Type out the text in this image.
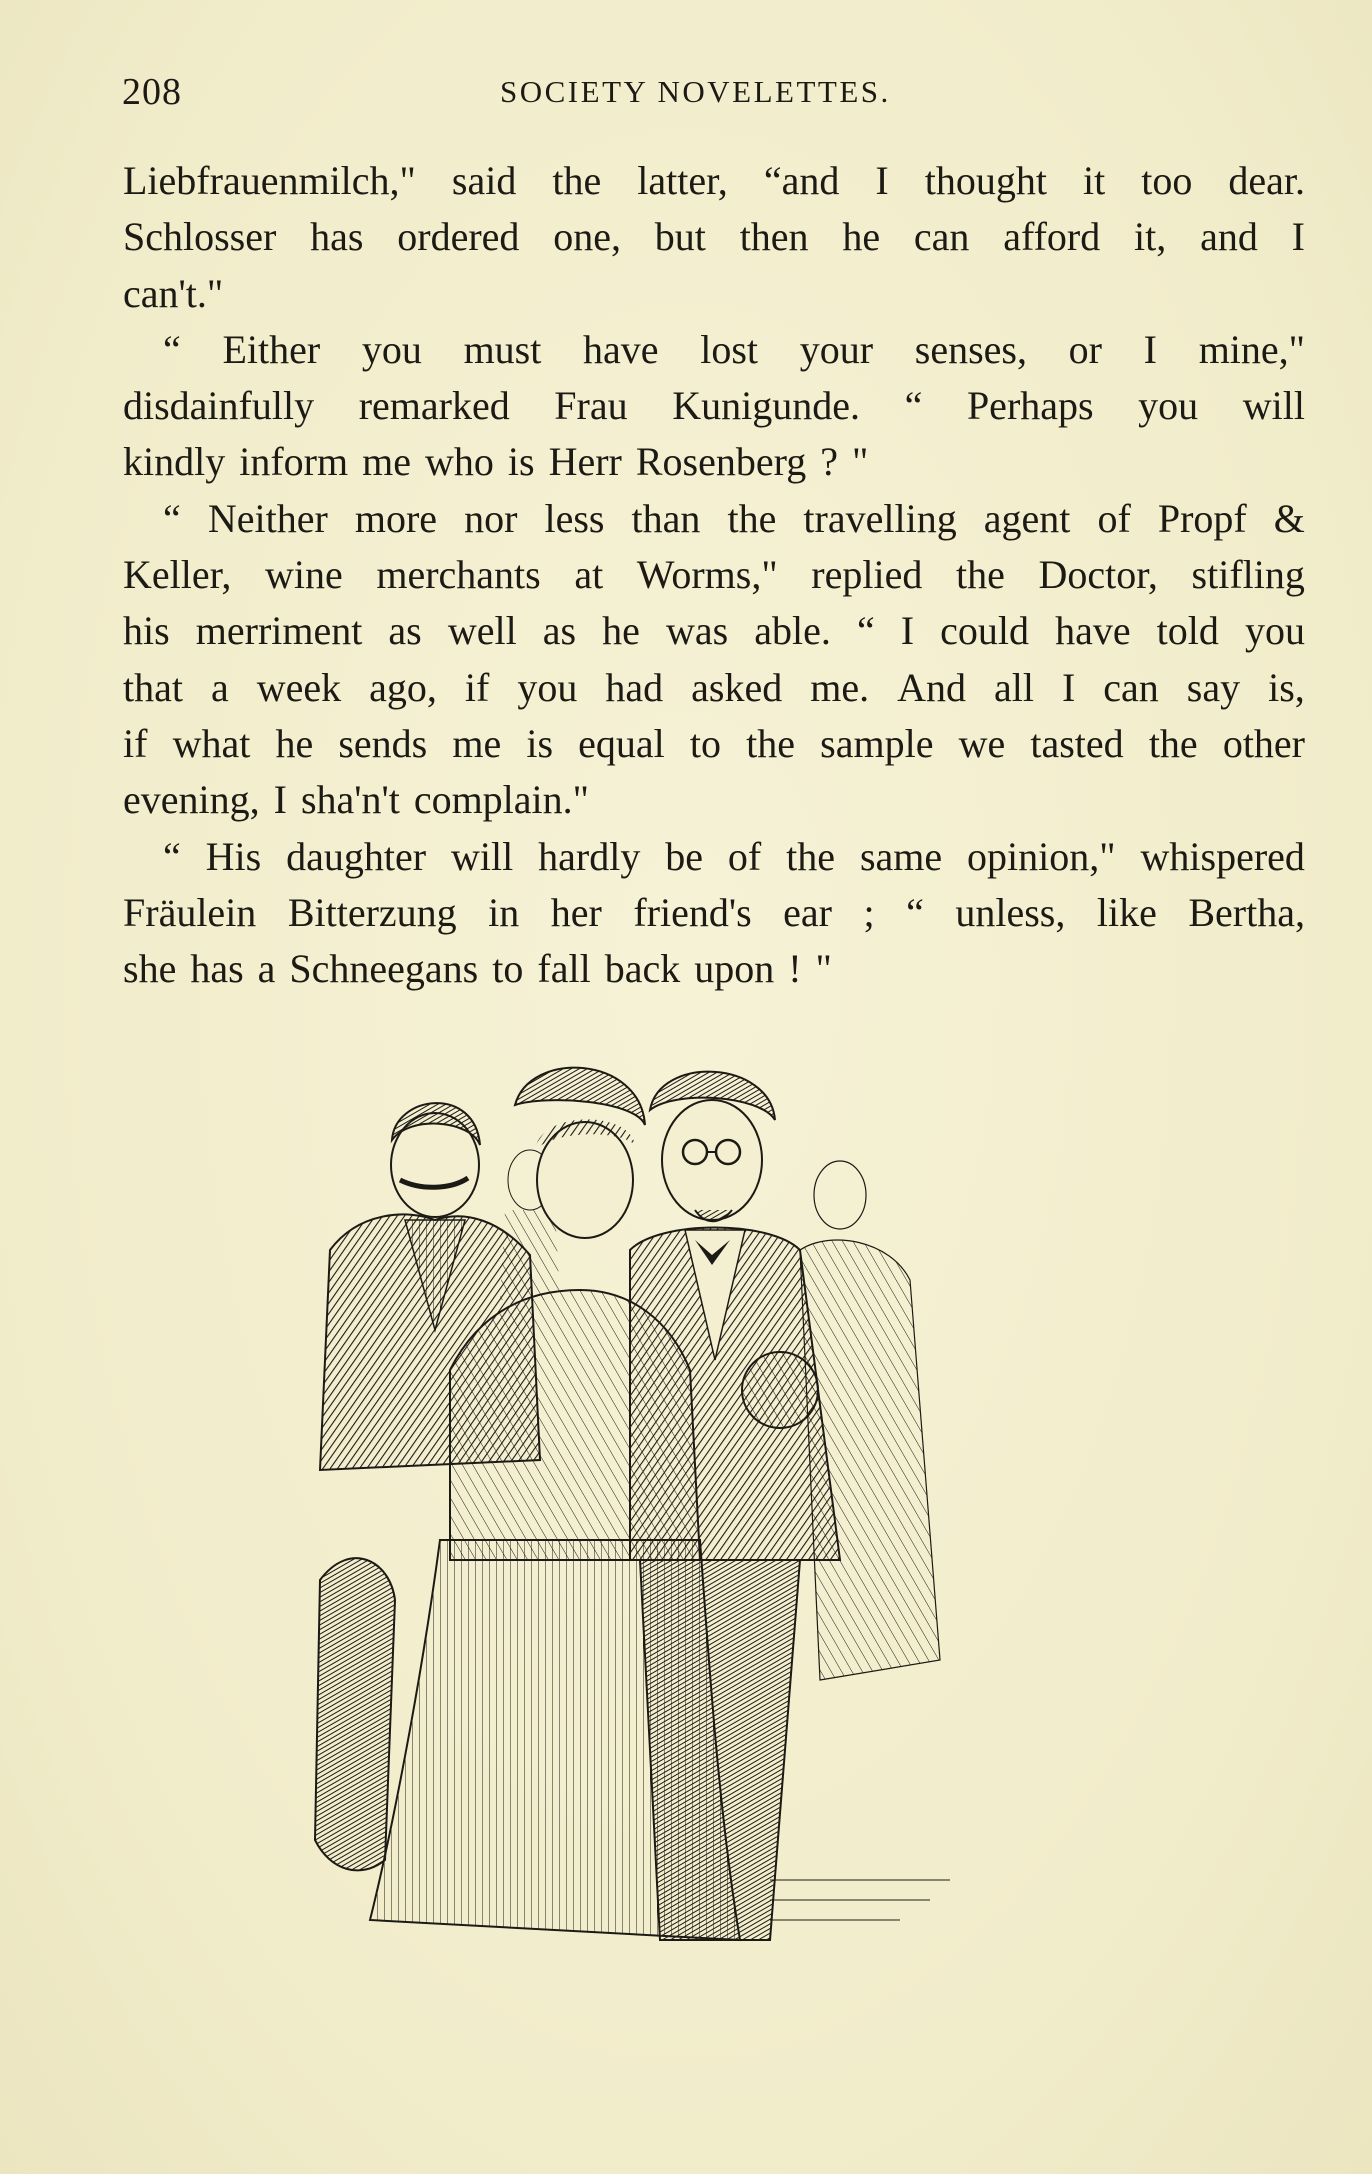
208	SOCIETY NOVELETTES.
Liebfrauenmilch," said the latter, “and I thought it too dear.
Schlosser has ordered one, but then he can afford it, and I
can't."
“ Either you must have lost your senses, or I mine,"
disdainfully remarked Frau Kunigunde. “ Perhaps you will
kindly inform me who is Herr Rosenberg ? "
“ Neither more nor less than the travelling agent of Propf &
Keller, wine merchants at Worms," replied the Doctor, stifling
his merriment as well as he was able. “ I could have told you
that a week ago, if you had asked me. And all I can say is,
if what he sends me is equal to the sample we tasted the other
evening, I sha'n't complain."
“ His daughter will hardly be of the same opinion," whispered
Fräulein Bitterzung in her friend's ear ; “ unless, like Bertha,
she has a Schneegans to fall back upon ! "
